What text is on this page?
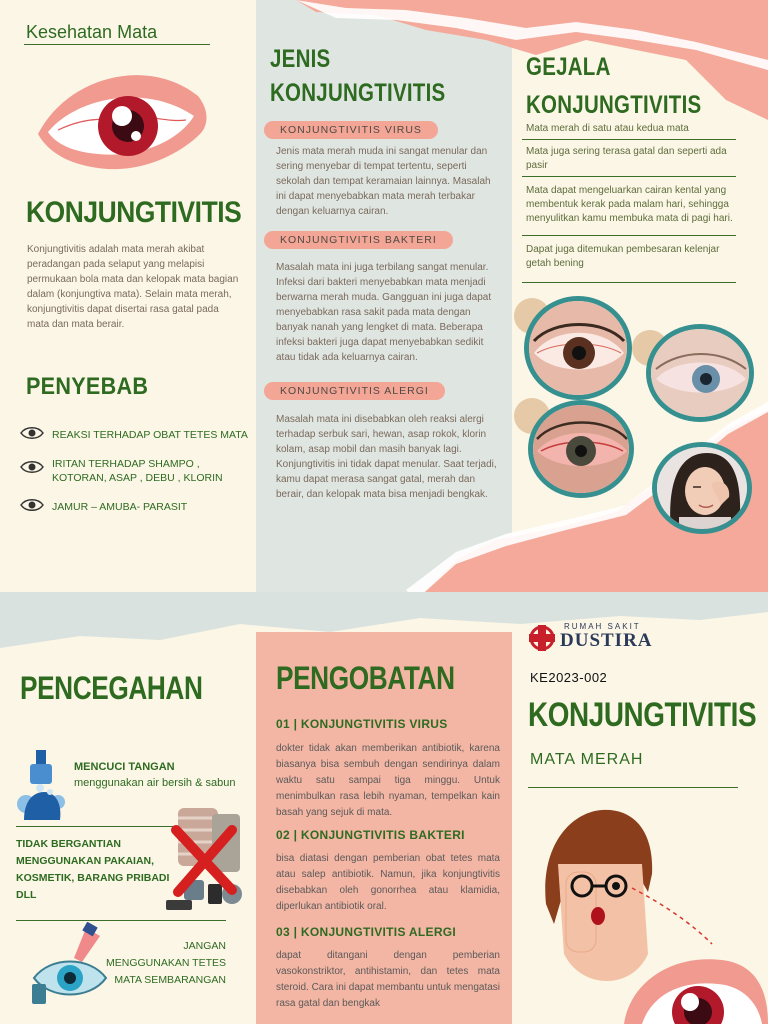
Kesehatan Mata
KONJUNGTIVITIS
Konjungtivitis adalah mata merah akibat peradangan pada selaput yang melapisi permukaan bola mata dan kelopak mata bagian dalam (konjungtiva mata). Selain mata merah, konjungtivitis dapat disertai rasa gatal pada mata dan mata berair.
PENYEBAB
REAKSI TERHADAP OBAT TETES MATA
IRITAN TERHADAP SHAMPO , KOTORAN, ASAP , DEBU , KLORIN
JAMUR – AMUBA- PARASIT
JENIS
KONJUNGTIVITIS
KONJUNGTIVITIS VIRUS
Jenis mata merah muda ini sangat menular dan sering menyebar di tempat tertentu, seperti sekolah dan tempat keramaian lainnya. Masalah ini dapat menyebabkan mata merah terbakar dengan keluarnya cairan.
KONJUNGTIVITIS BAKTERI
Masalah mata ini juga terbilang sangat menular. Infeksi dari bakteri menyebabkan mata menjadi berwarna merah muda. Gangguan ini juga dapat menyebabkan rasa sakit pada mata dengan banyak nanah yang lengket di mata. Beberapa infeksi bakteri juga dapat menyebabkan sedikit atau tidak ada keluarnya cairan.
KONJUNGTIVITIS ALERGI
Masalah mata ini disebabkan oleh reaksi alergi terhadap serbuk sari, hewan, asap rokok, klorin kolam, asap mobil dan masih banyak lagi. Konjungtivitis ini tidak dapat menular. Saat terjadi, kamu dapat merasa sangat gatal, merah dan berair, dan kelopak mata bisa menjadi bengkak.
GEJALA
KONJUNGTIVITIS
Mata merah di satu atau kedua mata
Mata juga sering terasa gatal dan seperti ada pasir
Mata dapat mengeluarkan cairan kental yang membentuk kerak pada malam hari, sehingga menyulitkan kamu membuka mata di pagi hari.
Dapat juga ditemukan pembesaran kelenjar getah bening
PENCEGAHAN
MENCUCI TANGAN
menggunakan air bersih & sabun
TIDAK BERGANTIAN MENGGUNAKAN PAKAIAN, KOSMETIK, BARANG PRIBADI DLL
JANGAN MENGGUNAKAN TETES MATA SEMBARANGAN
PENGOBATAN
01 | KONJUNGTIVITIS VIRUS
dokter tidak akan memberikan antibiotik, karena biasanya bisa sembuh dengan sendirinya dalam waktu satu sampai tiga minggu. Untuk menimbulkan rasa lebih nyaman, tempelkan kain basah yang sejuk di mata.
02 | KONJUNGTIVITIS BAKTERI
bisa diatasi dengan pemberian obat tetes mata atau salep antibiotik. Namun, jika konjungtivitis disebabkan oleh gonorrhea atau klamidia, diperlukan antibiotik oral.
03 | KONJUNGTIVITIS ALERGI
dapat ditangani dengan pemberian vasokonstriktor, antihistamin, dan tetes mata steroid. Cara ini dapat membantu untuk mengatasi rasa gatal dan bengkak
RUMAH SAKIT
DUSTIRA
KE2023-002
KONJUNGTIVITIS
MATA MERAH
